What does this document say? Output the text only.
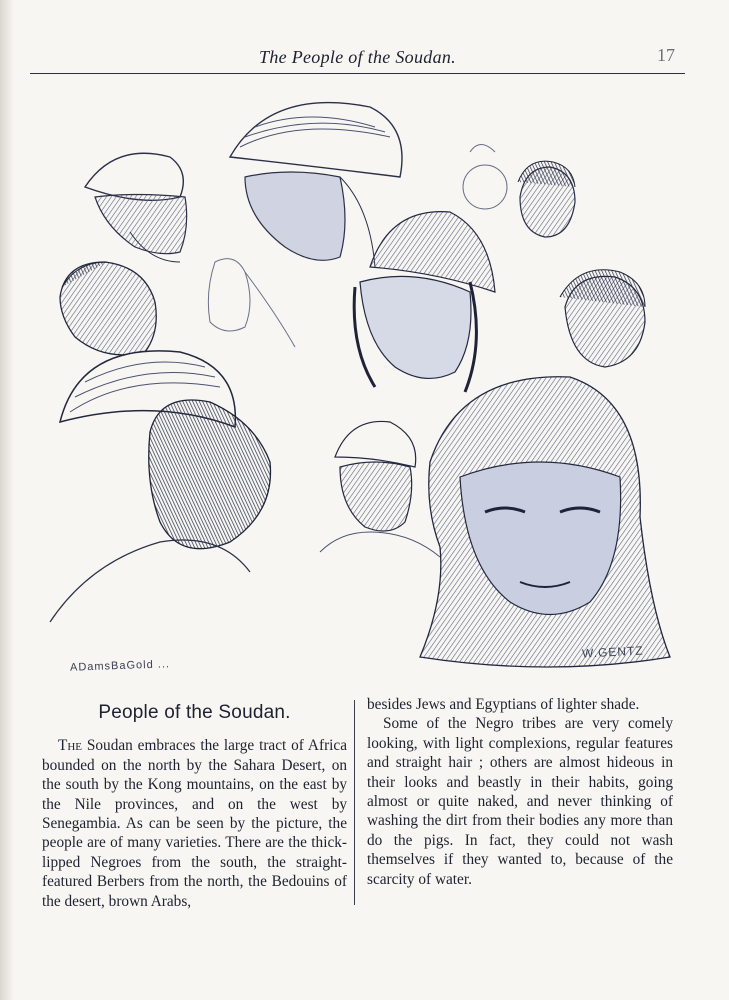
The People of the Soudan.	17
ADamsBaGold ...
W.GENTZ
People of the Soudan.

The Soudan embraces the large tract of Africa bounded on the north by the Sahara Desert, on the south by the Kong mountains, on the east by the Nile provinces, and on the west by Senegambia. As can be seen by the picture, the people are of many varieties. There are the thick-lipped Negroes from the south, the straight-featured Berbers from the north, the Bedouins of the desert, brown Arabs,

besides Jews and Egyptians of lighter shade.

Some of the Negro tribes are very comely looking, with light complexions, regular features and straight hair ; others are almost hideous in their looks and beastly in their habits, going almost or quite naked, and never thinking of washing the dirt from their bodies any more than do the pigs. In fact, they could not wash themselves if they wanted to, because of the scarcity of water.
